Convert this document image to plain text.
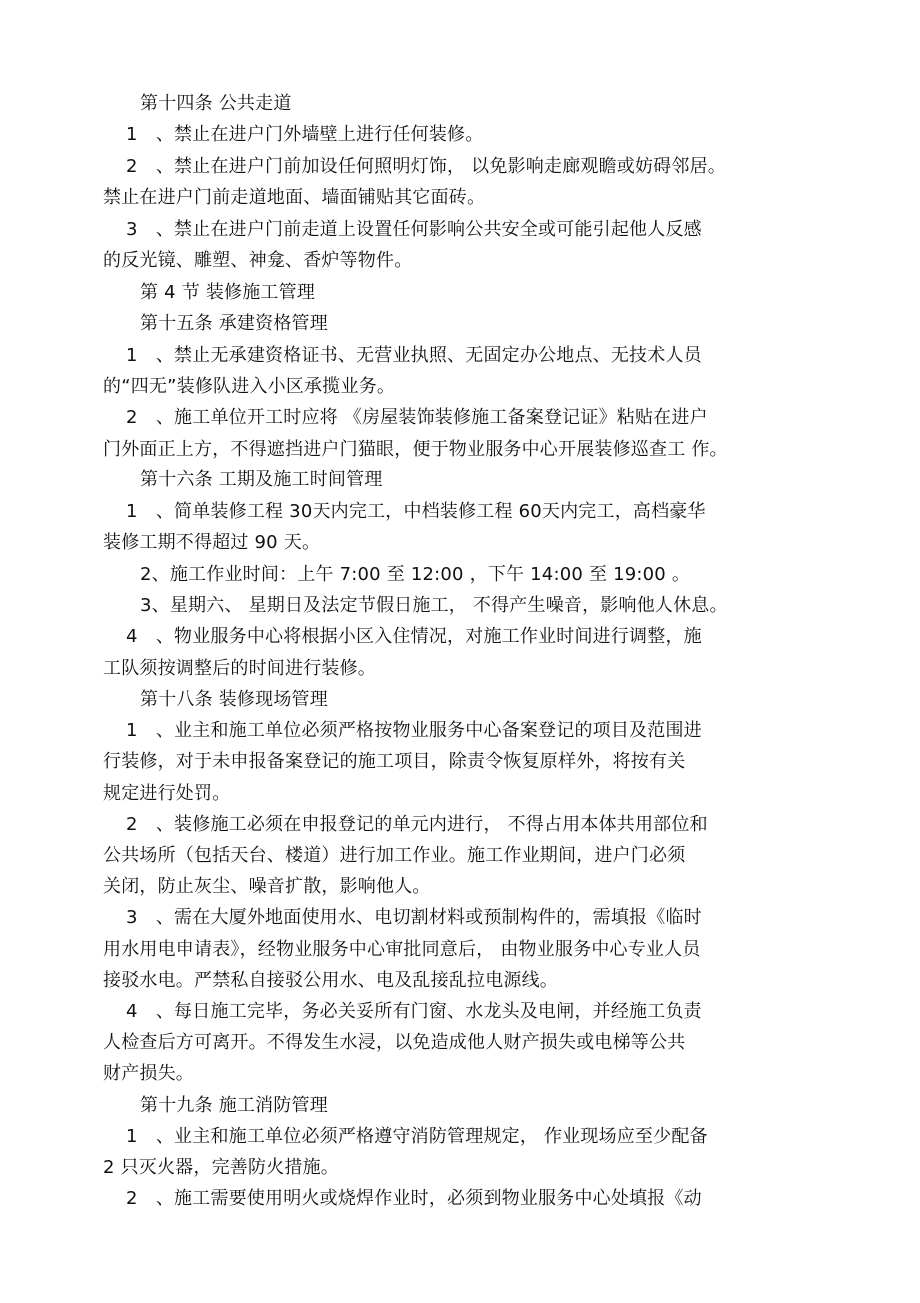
第十四条 公共走道
1　、禁止在进户门外墙壁上进行任何装修。
2　、禁止在进户门前加设任何照明灯饰， 以免影响走廊观瞻或妨碍邻居。
禁止在进户门前走道地面、墙面铺贴其它面砖。
3　、禁止在进户门前走道上设置任何影响公共安全或可能引起他人反感
的反光镜、雕塑、神龛、香炉等物件。
第 4 节 装修施工管理
第十五条 承建资格管理
1　、禁止无承建资格证书、无营业执照、无固定办公地点、无技术人员
的“四无”装修队进入小区承揽业务。
2　、施工单位开工时应将 《房屋装饰装修施工备案登记证》粘贴在进户
门外面正上方，不得遮挡进户门猫眼，便于物业服务中心开展装修巡查工 作。
第十六条 工期及施工时间管理
1　、简单装修工程 30天内完工，中档装修工程 60天内完工，高档豪华
装修工期不得超过 90 天。
2、施工作业时间：上午 7:00 至 12:00 ，下午 14:00 至 19:00 。
3、星期六、 星期日及法定节假日施工， 不得产生噪音，影响他人休息。
4　、物业服务中心将根据小区入住情况，对施工作业时间进行调整，施
工队须按调整后的时间进行装修。
第十八条 装修现场管理
1　、业主和施工单位必须严格按物业服务中心备案登记的项目及范围进
行装修，对于未申报备案登记的施工项目，除责令恢复原样外，将按有关
规定进行处罚。
2　、装修施工必须在申报登记的单元内进行， 不得占用本体共用部位和
公共场所（包括天台、楼道）进行加工作业。施工作业期间，进户门必须
关闭，防止灰尘、噪音扩散，影响他人。
3　、需在大厦外地面使用水、电切割材料或预制构件的，需填报《临时
用水用电申请表》，经物业服务中心审批同意后， 由物业服务中心专业人员
接驳水电。严禁私自接驳公用水、电及乱接乱拉电源线。
4　、每日施工完毕，务必关妥所有门窗、水龙头及电闸，并经施工负责
人检查后方可离开。不得发生水浸，以免造成他人财产损失或电梯等公共
财产损失。
第十九条 施工消防管理
1　、业主和施工单位必须严格遵守消防管理规定， 作业现场应至少配备
2 只灭火器，完善防火措施。
2　、施工需要使用明火或烧焊作业时，必须到物业服务中心处填报《动
